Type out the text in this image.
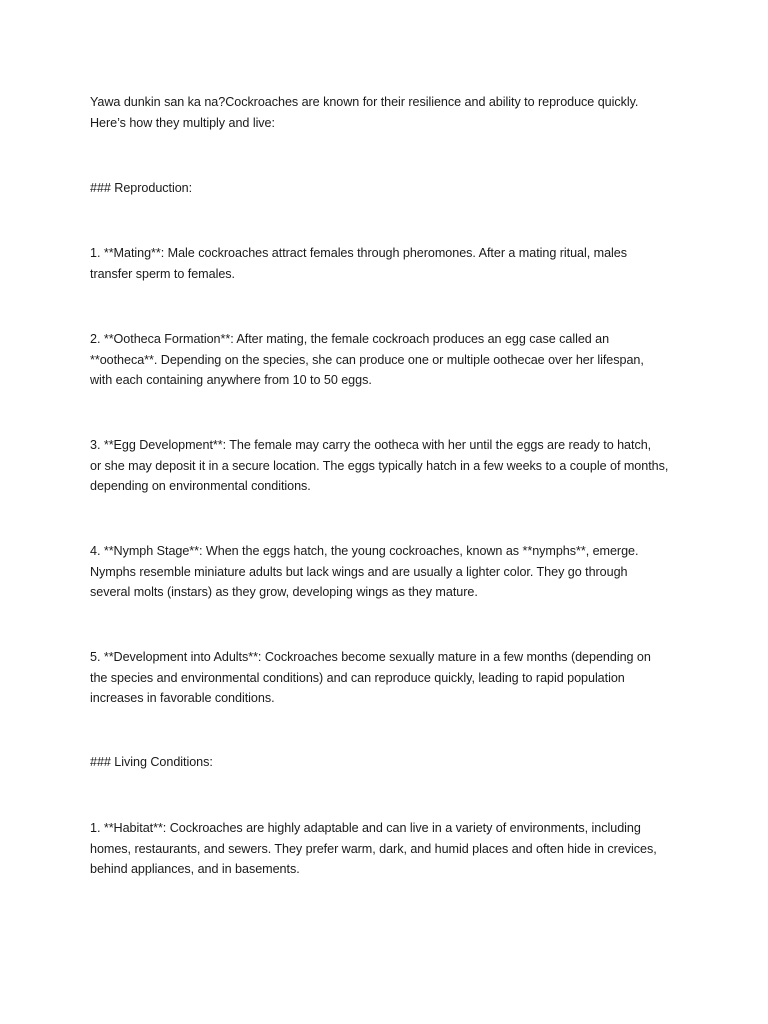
Yawa dunkin san ka na?Cockroaches are known for their resilience and ability to reproduce quickly.
Here’s how they multiply and live:

### Reproduction:

1. **Mating**: Male cockroaches attract females through pheromones. After a mating ritual, males
transfer sperm to females.

2. **Ootheca Formation**: After mating, the female cockroach produces an egg case called an
**ootheca**. Depending on the species, she can produce one or multiple oothecae over her lifespan,
with each containing anywhere from 10 to 50 eggs.

3. **Egg Development**: The female may carry the ootheca with her until the eggs are ready to hatch,
or she may deposit it in a secure location. The eggs typically hatch in a few weeks to a couple of months,
depending on environmental conditions.

4. **Nymph Stage**: When the eggs hatch, the young cockroaches, known as **nymphs**, emerge.
Nymphs resemble miniature adults but lack wings and are usually a lighter color. They go through
several molts (instars) as they grow, developing wings as they mature.

5. **Development into Adults**: Cockroaches become sexually mature in a few months (depending on
the species and environmental conditions) and can reproduce quickly, leading to rapid population
increases in favorable conditions.

### Living Conditions:

1. **Habitat**: Cockroaches are highly adaptable and can live in a variety of environments, including
homes, restaurants, and sewers. They prefer warm, dark, and humid places and often hide in crevices,
behind appliances, and in basements.
